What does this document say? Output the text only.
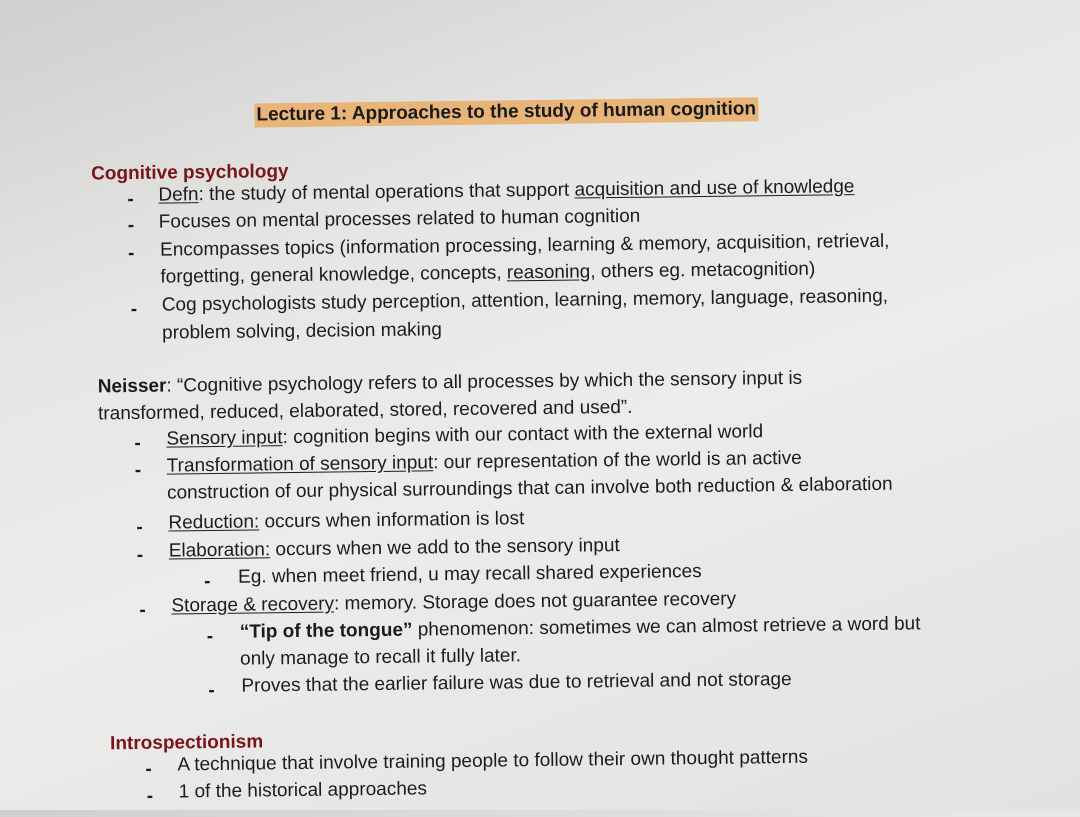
Lecture 1: Approaches to the study of human cognition
Cognitive psychology
- Defn: the study of mental operations that support acquisition and use of knowledge
- Focuses on mental processes related to human cognition
- Encompasses topics (information processing, learning & memory, acquisition, retrieval,
forgetting, general knowledge, concepts, reasoning, others eg. metacognition)
- Cog psychologists study perception, attention, learning, memory, language, reasoning,
problem solving, decision making
Neisser: “Cognitive psychology refers to all processes by which the sensory input is
transformed, reduced, elaborated, stored, recovered and used”.
- Sensory input: cognition begins with our contact with the external world
- Transformation of sensory input: our representation of the world is an active
construction of our physical surroundings that can involve both reduction & elaboration
- Reduction: occurs when information is lost
- Elaboration: occurs when we add to the sensory input
- Eg. when meet friend, u may recall shared experiences
- Storage & recovery: memory. Storage does not guarantee recovery
- “Tip of the tongue” phenomenon: sometimes we can almost retrieve a word but
only manage to recall it fully later.
- Proves that the earlier failure was due to retrieval and not storage
Introspectionism
- A technique that involve training people to follow their own thought patterns
- 1 of the historical approaches
